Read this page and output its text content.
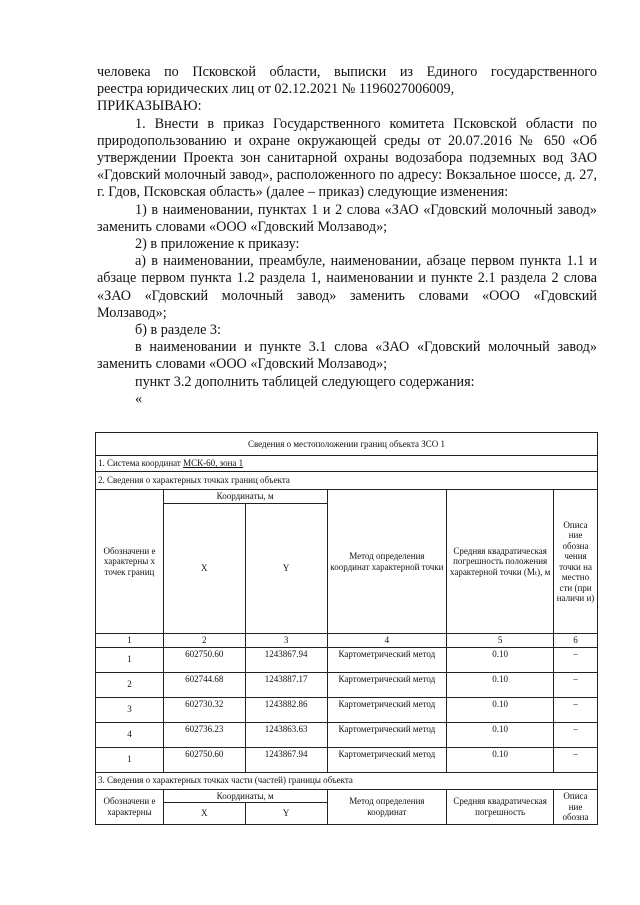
человека по Псковской области, выписки из Единого государственного

реестра юридических лиц от 02.12.2021 № 1196027006009,

ПРИКАЗЫВАЮ:

1. Внести в приказ Государственного комитета Псковской области по природопользованию и охране окружающей среды от 20.07.2016 № 650 «Об утверждении Проекта зон санитарной охраны водозабора подземных вод ЗАО «Гдовский молочный завод», расположенного по адресу: Вокзальное шоссе, д. 27, г. Гдов, Псковская область» (далее – приказ) следующие изменения:

1) в наименовании, пунктах 1 и 2 слова «ЗАО «Гдовский молочный завод» заменить словами «ООО «Гдовский Молзавод»;

2) в приложение к приказу:

а) в наименовании, преамбуле, наименовании, абзаце первом пункта 1.1 и абзаце первом пункта 1.2 раздела 1, наименовании и пункте 2.1 раздела 2 слова «ЗАО «Гдовский молочный завод» заменить словами «ООО «Гдовский Молзавод»;

б) в разделе 3:

в наименовании и пункте 3.1 слова «ЗАО «Гдовский молочный завод» заменить словами «ООО «Гдовский Молзавод»;

пункт 3.2 дополнить таблицей следующего содержания:

«

Сведения о местоположении границ объекта ЗСО 1					
1. Система координат МСК-60, зона 1					
2. Сведения о характерных точках границ объекта					
Обозначени е характерны х точек границ	Координаты, м		Метод определения координат характерной точки	Средняя квадратическая погрешность положения характерной точки (Mₜ), м	Описа ние обозна чения точки на местно сти (при наличи и)
	X	Y			
1	2	3	4	5	6
1	602750.60	1243867.94	Картометрический метод	0.10	–
2	602744.68	1243887.17	Картометрический метод	0.10	–
3	602730.32	1243882.86	Картометрический метод	0.10	–
4	602736.23	1243863.63	Картометрический метод	0.10	–
1	602750.60	1243867.94	Картометрический метод	0.10	–
3. Сведения о характерных точках части (частей) границы объекта					
Обозначени е характерны	Координаты, м		Метод определения координат	Средняя квадратическая погрешность	Описа ние обозна
	X	Y			
